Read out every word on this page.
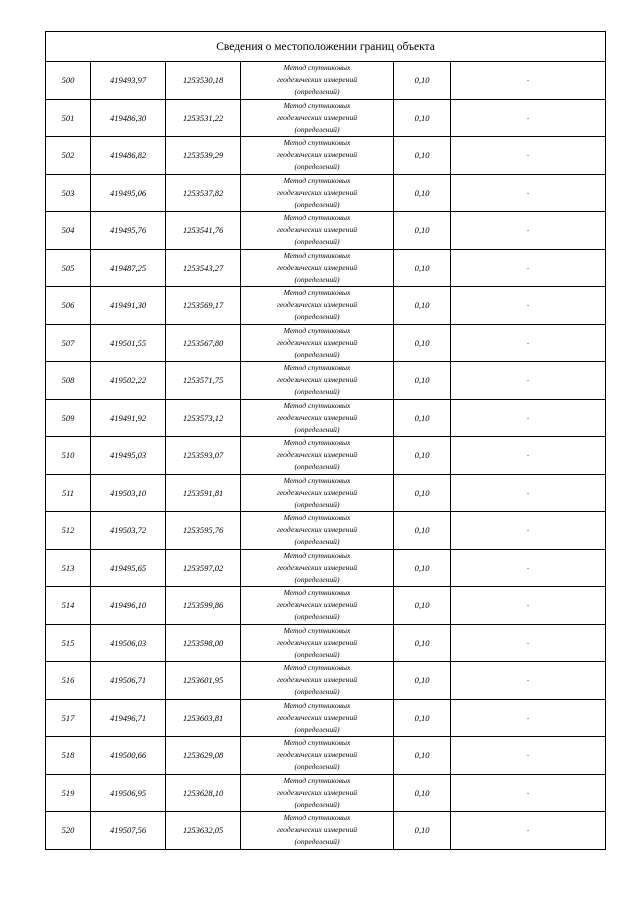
Сведения о местоположении границ объекта					
500	419493,97	1253530,18	Метод спутниковых
геодезических измерений
(определений)	0,10	-
501	419486,30	1253531,22	Метод спутниковых
геодезических измерений
(определений)	0,10	-
502	419486,82	1253539,29	Метод спутниковых
геодезических измерений
(определений)	0,10	-
503	419495,06	1253537,82	Метод спутниковых
геодезических измерений
(определений)	0,10	-
504	419495,76	1253541,76	Метод спутниковых
геодезических измерений
(определений)	0,10	-
505	419487,25	1253543,27	Метод спутниковых
геодезических измерений
(определений)	0,10	-
506	419491,30	1253569,17	Метод спутниковых
геодезических измерений
(определений)	0,10	-
507	419501,55	1253567,80	Метод спутниковых
геодезических измерений
(определений)	0,10	-
508	419502,22	1253571,75	Метод спутниковых
геодезических измерений
(определений)	0,10	-
509	419491,92	1253573,12	Метод спутниковых
геодезических измерений
(определений)	0,10	-
510	419495,03	1253593,07	Метод спутниковых
геодезических измерений
(определений)	0,10	-
511	419503,10	1253591,81	Метод спутниковых
геодезических измерений
(определений)	0,10	-
512	419503,72	1253595,76	Метод спутниковых
геодезических измерений
(определений)	0,10	-
513	419495,65	1253597,02	Метод спутниковых
геодезических измерений
(определений)	0,10	-
514	419496,10	1253599,86	Метод спутниковых
геодезических измерений
(определений)	0,10	-
515	419506,03	1253598,00	Метод спутниковых
геодезических измерений
(определений)	0,10	-
516	419506,71	1253601,95	Метод спутниковых
геодезических измерений
(определений)	0,10	-
517	419496,71	1253603,81	Метод спутниковых
геодезических измерений
(определений)	0,10	-
518	419500,66	1253629,08	Метод спутниковых
геодезических измерений
(определений)	0,10	-
519	419506,95	1253628,10	Метод спутниковых
геодезических измерений
(определений)	0,10	-
520	419507,56	1253632,05	Метод спутниковых
геодезических измерений
(определений)	0,10	-
